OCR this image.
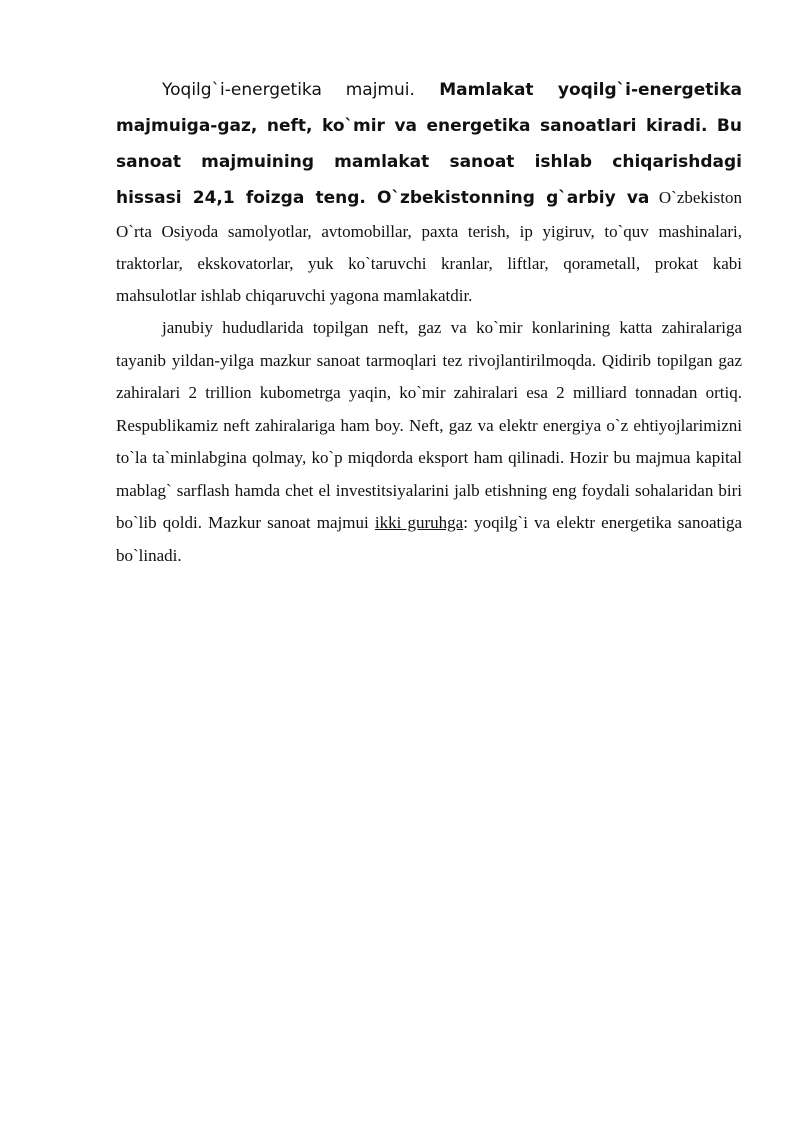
Yoqilg`i-energetika majmui. Mamlakat yoqilg`i-energetika majmuiga-gaz, neft, ko`mir va energetika sanoatlari kiradi. Bu sanoat majmuining mamlakat sanoat ishlab chiqarishdagi hissasi 24,1 foizga teng. O`zbekistonning g`arbiy va O`zbekiston O`rta Osiyoda samolyotlar, avtomobillar, paxta terish, ip yigiruv, to`quv mashinalari, traktorlar, ekskovatorlar, yuk ko`taruvchi kranlar, liftlar, qorametall, prokat kabi mahsulotlar ishlab chiqaruvchi yagona mamlakatdir.

janubiy hududlarida topilgan neft, gaz va ko`mir konlarining katta zahiralariga tayanib yildan-yilga mazkur sanoat tarmoqlari tez rivojlantirilmoqda. Qidirib topilgan gaz zahiralari 2 trillion kubometrga yaqin, ko`mir zahiralari esa 2 milliard tonnadan ortiq. Respublikamiz neft zahiralariga ham boy. Neft, gaz va elektr energiya o`z ehtiyojlarimizni to`la ta`minlabgina qolmay, ko`p miqdorda eksport ham qilinadi. Hozir bu majmua kapital mablag` sarflash hamda chet el investitsiyalarini jalb etishning eng foydali sohalaridan biri bo`lib qoldi. Mazkur sanoat majmui ikki guruhga: yoqilg`i va elektr energetika sanoatiga bo`linadi.
